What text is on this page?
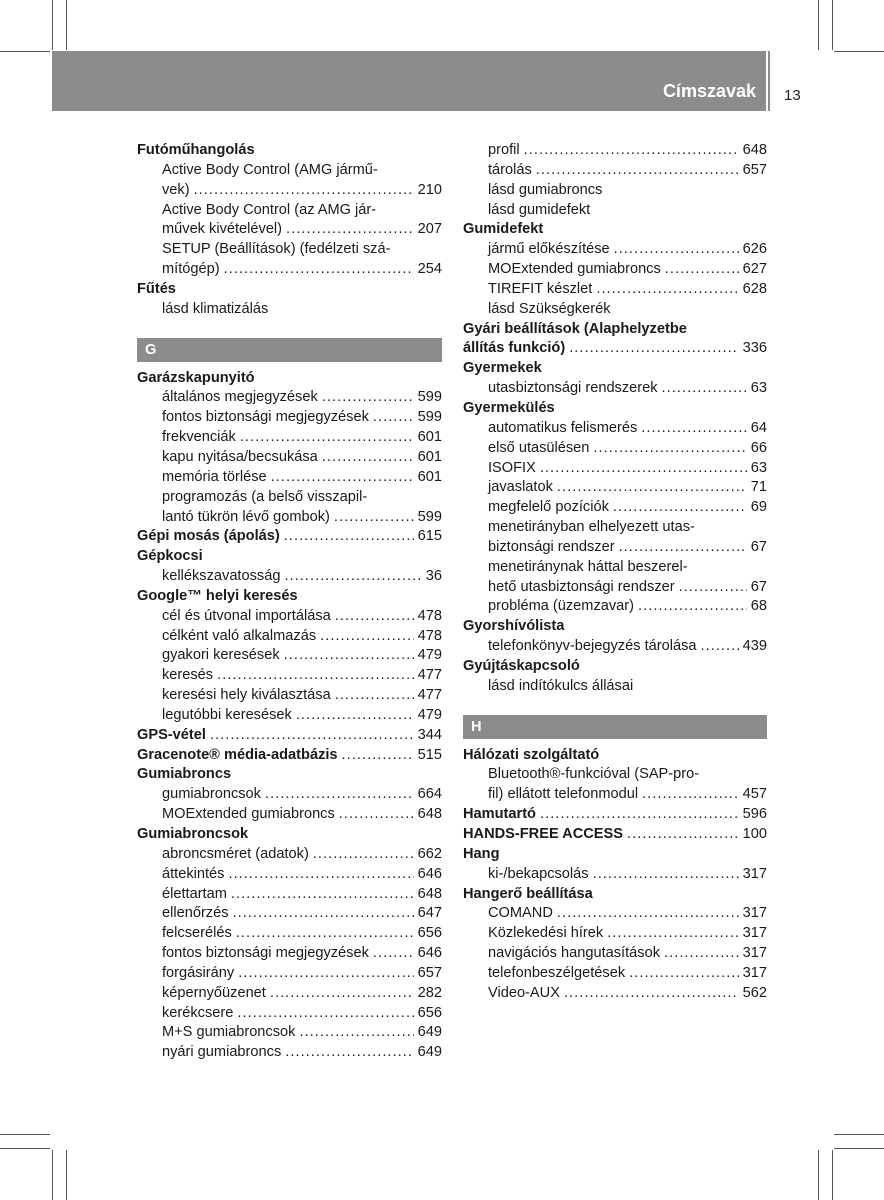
Címszavak 13
Futóműhangolás
Active Body Control (AMG jármű-
vek) . . .	210
Active Body Control (az AMG jár-
művek kivételével) . . .	207
SETUP (Beállítások) (fedélzeti szá-
mítógép) . . .	254
Fűtés
lásd klimatizálás
G
Garázskapunyitó
általános megjegyzések . . .	599
fontos biztonsági megjegyzések . . .	599
frekvenciák . . .	601
kapu nyitása/becsukása . . .	601
memória törlése . . .	601
programozás (a belső visszapil-
lantó tükrön lévő gombok) . . .	599
Gépi mosás (ápolás) . . .	615
Gépkocsi
kellékszavatosság . . .	36
Google™ helyi keresés
cél és útvonal importálása . . .	478
célként való alkalmazás . . .	478
gyakori keresések . . .	479
keresés . . .	477
keresési hely kiválasztása . . .	477
legutóbbi keresések . . .	479
GPS-vétel . . .	344
Gracenote® média-adatbázis . . .	515
Gumiabroncs
gumiabroncsok . . .	664
MOExtended gumiabroncs . . .	648
Gumiabroncsok
abroncsméret (adatok) . . .	662
áttekintés . . .	646
élettartam . . .	648
ellenőrzés . . .	647
felcserélés . . .	656
fontos biztonsági megjegyzések . . .	646
forgásirány . . .	657
képernyőüzenet . . .	282
kerékcsere . . .	656
M+S gumiabroncsok . . .	649
nyári gumiabroncs . . .	649
profil . . .	648
tárolás . . .	657
lásd gumiabroncs
lásd gumidefekt
Gumidefekt
jármű előkészítése . . .	626
MOExtended gumiabroncs . . .	627
TIREFIT készlet . . .	628
lásd Szükségkerék
Gyári beállítások (Alaphelyzetbe
állítás funkció) . . .	336
Gyermekek
utasbiztonsági rendszerek . . .	63
Gyermekülés
automatikus felismerés . . .	64
első utasülésen . . .	66
ISOFIX . . .	63
javaslatok . . .	71
megfelelő pozíciók . . .	69
menetirányban elhelyezett utas-
biztonsági rendszer . . .	67
menetiránynak háttal beszerel-
hető utasbiztonsági rendszer . . .	67
probléma (üzemzavar) . . .	68
Gyorshívólista
telefonkönyv-bejegyzés tárolása . . .	439
Gyújtáskapcsoló
lásd indítókulcs állásai
H
Hálózati szolgáltató
Bluetooth®-funkcióval (SAP-pro-
fil) ellátott telefonmodul . . .	457
Hamutartó . . .	596
HANDS-FREE ACCESS . . .	100
Hang
ki-/bekapcsolás . . .	317
Hangerő beállítása
COMAND . . .	317
Közlekedési hírek . . .	317
navigációs hangutasítások . . .	317
telefonbeszélgetések . . .	317
Video-AUX . . .	562
